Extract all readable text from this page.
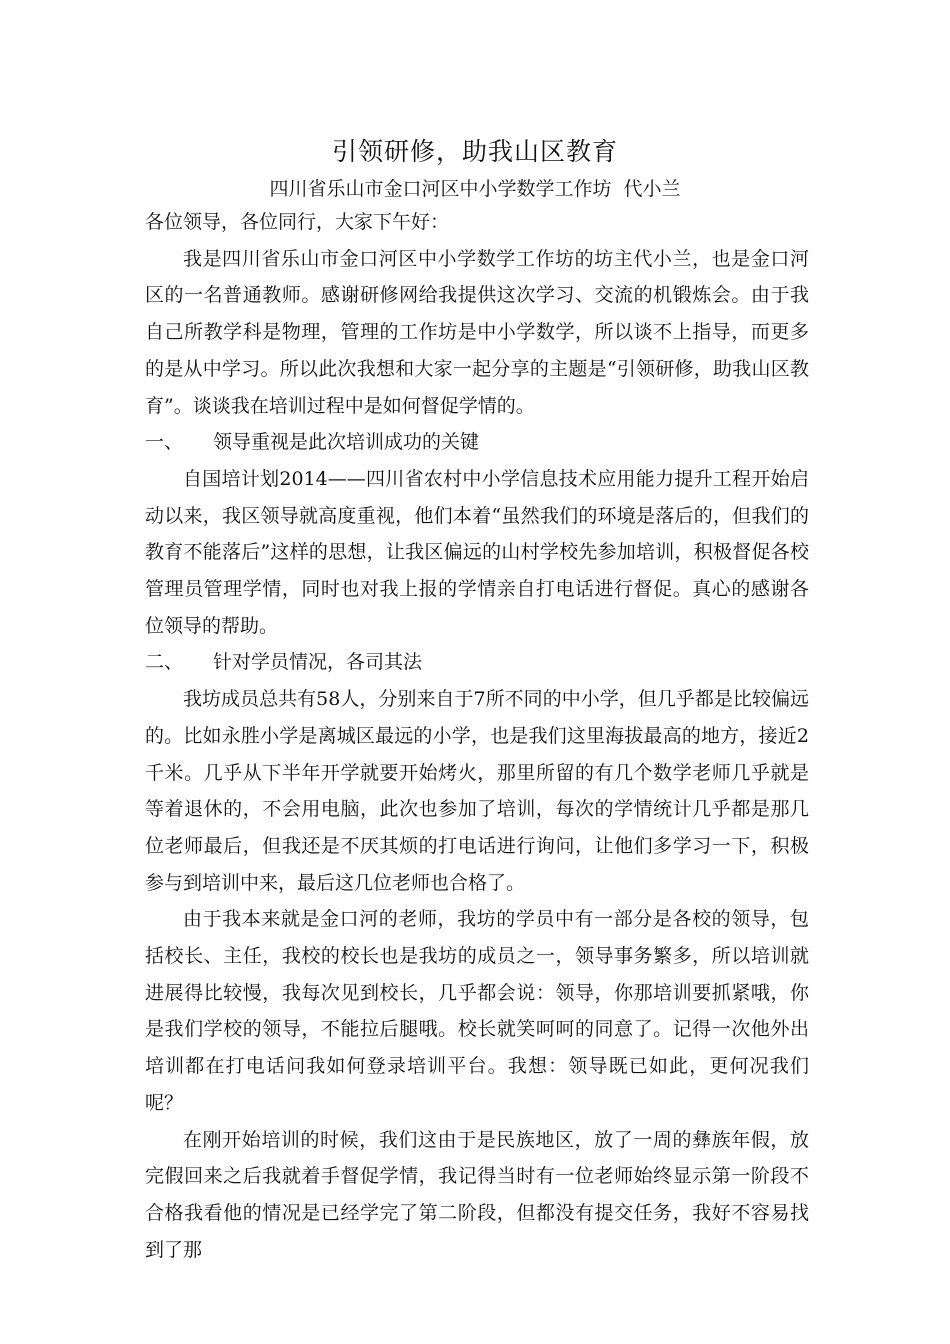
引领研修，助我山区教育
四川省乐山市金口河区中小学数学工作坊  代小兰

各位领导，各位同行，大家下午好：

我是四川省乐山市金口河区中小学数学工作坊的坊主代小兰，也是金口河区的一名普通教师。感谢研修网给我提供这次学习、交流的机锻炼会。由于我自己所教学科是物理，管理的工作坊是中小学数学，所以谈不上指导，而更多的是从中学习。所以此次我想和大家一起分享的主题是“引领研修，助我山区教育”。谈谈我在培训过程中是如何督促学情的。

一、 领导重视是此次培训成功的关键

自国培计划2014——四川省农村中小学信息技术应用能力提升工程开始启动以来，我区领导就高度重视，他们本着“虽然我们的环境是落后的，但我们的教育不能落后”这样的思想，让我区偏远的山村学校先参加培训，积极督促各校管理员管理学情，同时也对我上报的学情亲自打电话进行督促。真心的感谢各位领导的帮助。

二、 针对学员情况，各司其法

我坊成员总共有58人，分别来自于7所不同的中小学，但几乎都是比较偏远的。比如永胜小学是离城区最远的小学，也是我们这里海拔最高的地方，接近2千米。几乎从下半年开学就要开始烤火，那里所留的有几个数学老师几乎就是等着退休的，不会用电脑，此次也参加了培训，每次的学情统计几乎都是那几位老师最后，但我还是不厌其烦的打电话进行询问，让他们多学习一下，积极参与到培训中来，最后这几位老师也合格了。

由于我本来就是金口河的老师，我坊的学员中有一部分是各校的领导，包括校长、主任，我校的校长也是我坊的成员之一，领导事务繁多，所以培训就进展得比较慢，我每次见到校长，几乎都会说：领导，你那培训要抓紧哦，你是我们学校的领导，不能拉后腿哦。校长就笑呵呵的同意了。记得一次他外出培训都在打电话问我如何登录培训平台。我想：领导既已如此，更何况我们呢？

在刚开始培训的时候，我们这由于是民族地区，放了一周的彝族年假，放完假回来之后我就着手督促学情，我记得当时有一位老师始终显示第一阶段不合格我看他的情况是已经学完了第二阶段，但都没有提交任务，我好不容易找到了那
